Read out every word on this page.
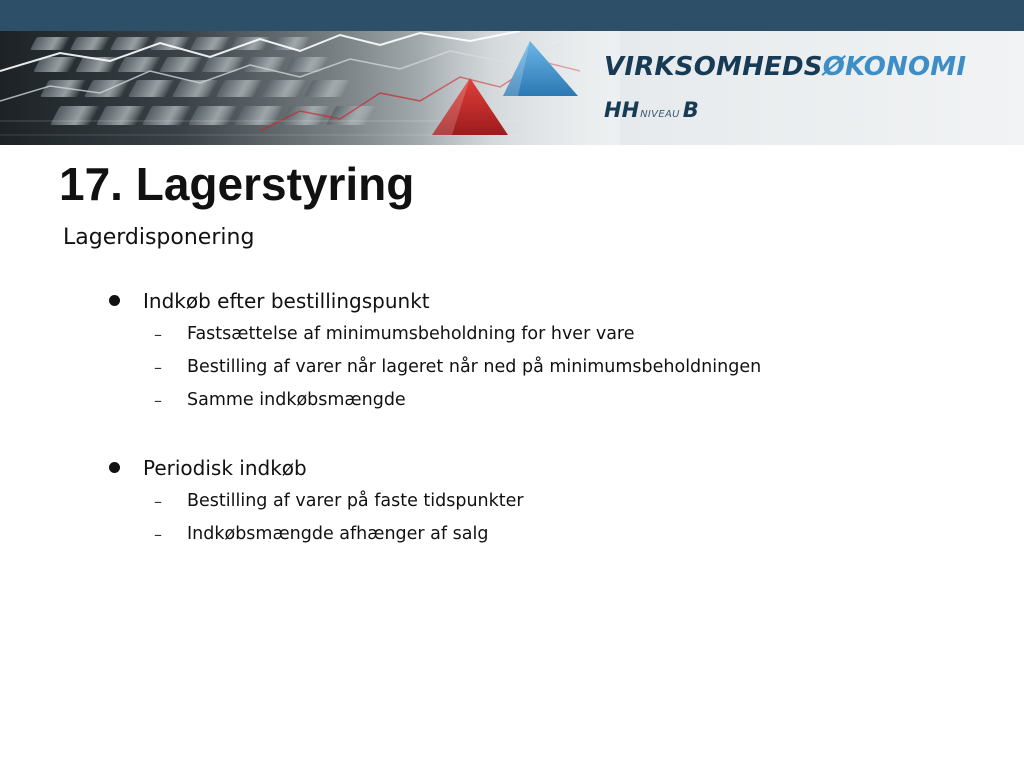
VIRKSOMHEDSØKONOMI
HHNIVEAU B
17. Lagerstyring
Lagerdisponering
Indkøb efter bestillingspunkt
– Fastsættelse af minimumsbeholdning for hver vare
– Bestilling af varer når lageret når ned på minimumsbeholdningen
– Samme indkøbsmængde
Periodisk indkøb
– Bestilling af varer på faste tidspunkter
– Indkøbsmængde afhænger af salg
